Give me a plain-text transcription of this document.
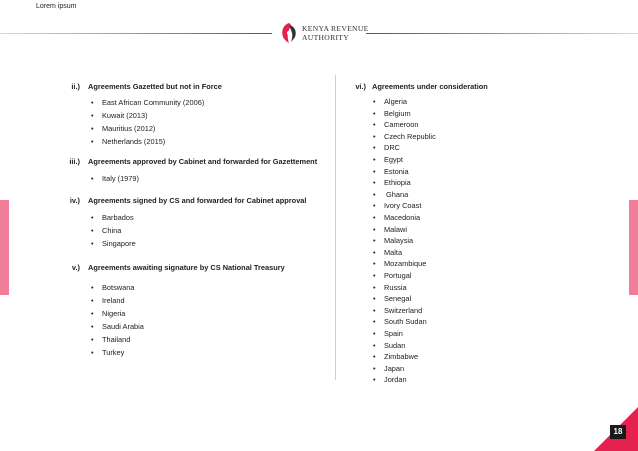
Lorem ipsum
KENYA REVENUE
AUTHORITY
ii.) Agreements Gazetted but not in Force
• East African Community (2006)
• Kuwait (2013)
• Mauritius (2012)
• Netherlands (2015)
iii.) Agreements approved by Cabinet and forwarded for Gazettement
• Italy (1979)
iv.) Agreements signed by CS and forwarded for Cabinet approval
• Barbados
• China
• Singapore
v.) Agreements awaiting signature by CS National Treasury
• Botswana
• Ireland
• Nigeria
• Saudi Arabia
• Thailand
• Turkey
vi.) Agreements under consideration
• Algeria
• Belgium
• Cameroon
• Czech Republic
• DRC
• Egypt
• Estonia
• Ethiopia
• Ghana
• Ivory Coast
• Macedonia
• Malawi
• Malaysia
• Malta
• Mozambique
• Portugal
• Russia
• Senegal
• Switzerland
• South Sudan
• Spain
• Sudan
• Zimbabwe
• Japan
• Jordan
18
